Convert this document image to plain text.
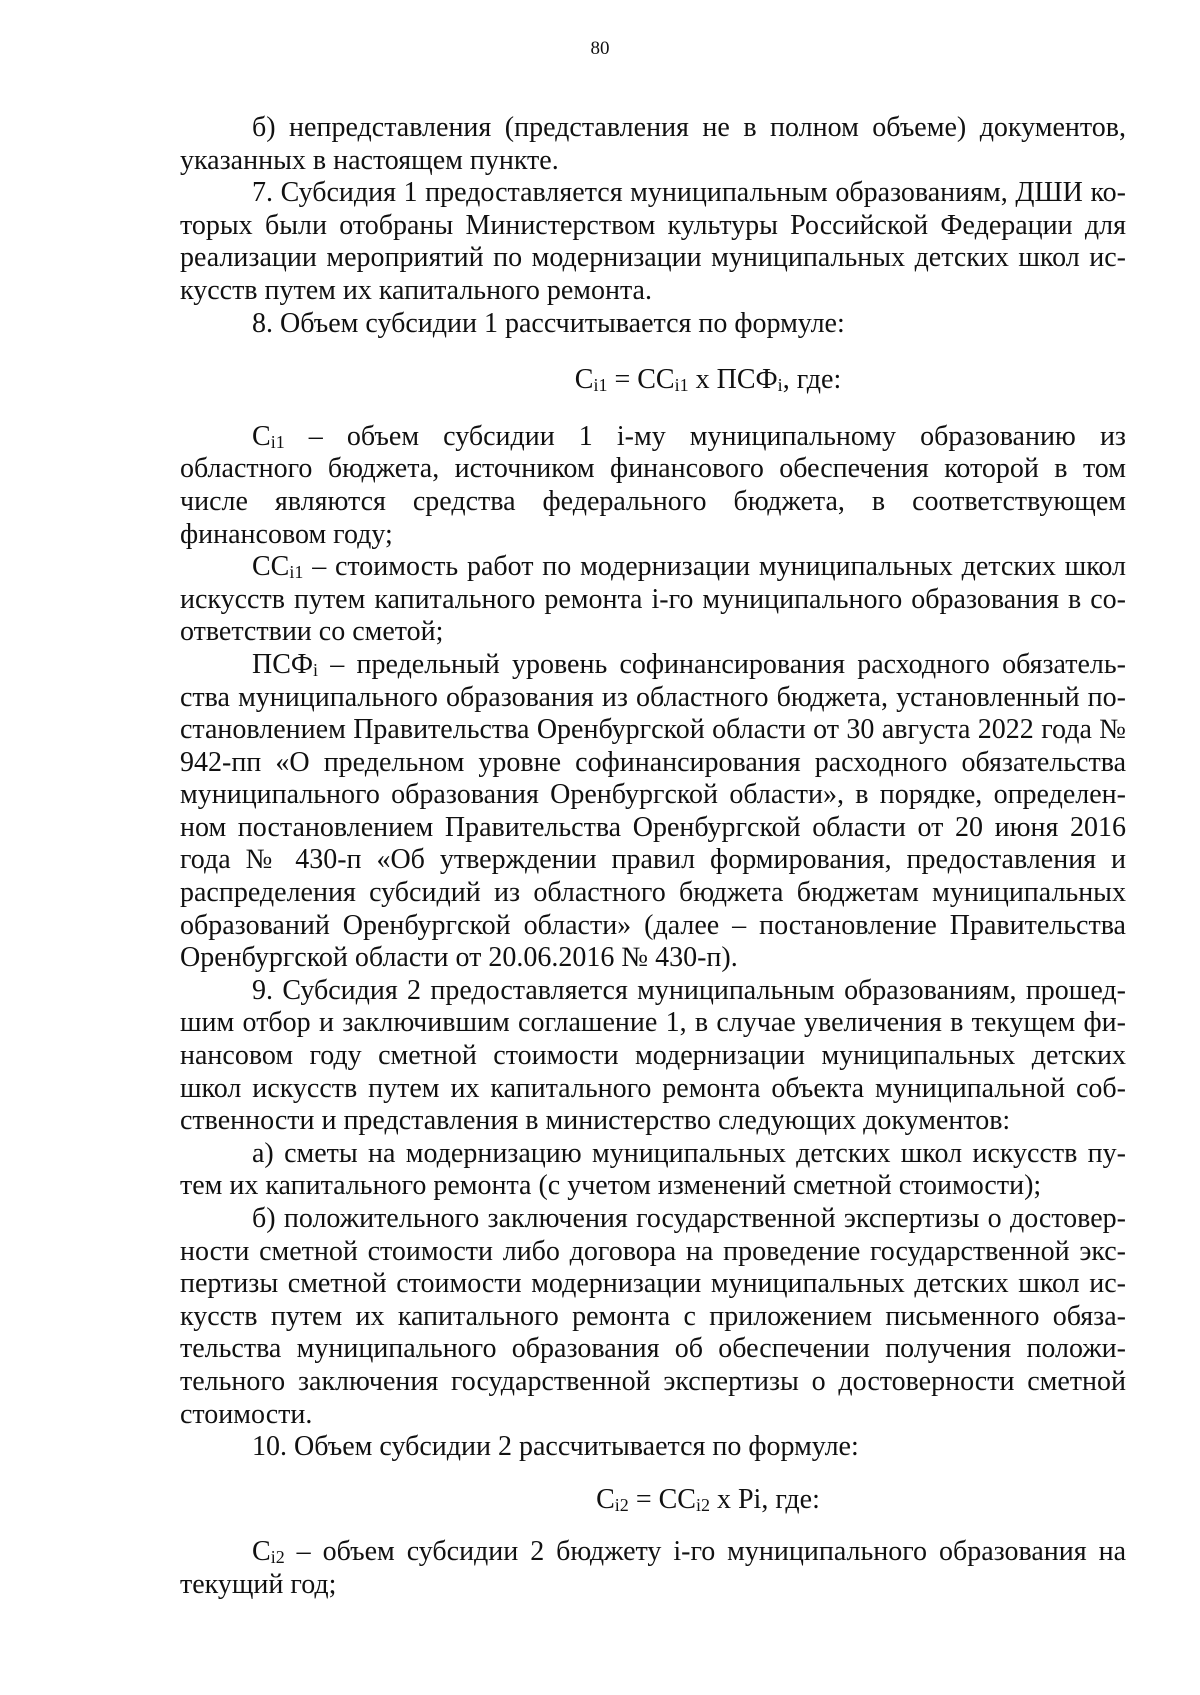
80

б) непредставления (представления не в полном объеме) документов, указанных в настоящем пункте.

7. Субсидия 1 предоставляется муниципальным образованиям, ДШИ которых были отобраны Министерством культуры Российской Федерации для реализации мероприятий по модернизации муниципальных детских школ искусств путем их капитального ремонта.

8. Объем субсидии 1 рассчитывается по формуле:

$C_{i1} = CC_{i1}$ x $ПСФ_i$, где:

$C_{i1}$ – объем субсидии 1 i-му муниципальному образованию из областного бюджета, источником финансового обеспечения которой в том числе являются средства федерального бюджета, в соответствующем финансовом году;

$CC_{i1}$ – стоимость работ по модернизации муниципальных детских школ искусств путем капитального ремонта i-го муниципального образования в соответствии со сметой;

$ПСФ_i$ – предельный уровень софинансирования расходного обязательства муниципального образования из областного бюджета, установленный постановлением Правительства Оренбургской области от 30 августа 2022 года № 942-пп «О предельном уровне софинансирования расходного обязательства муниципального образования Оренбургской области», в порядке, определенном постановлением Правительства Оренбургской области от 20 июня 2016 года № 430-п «Об утверждении правил формирования, предоставления и распределения субсидий из областного бюджета бюджетам муниципальных образований Оренбургской области» (далее – постановление Правительства Оренбургской области от 20.06.2016 № 430-п).

9. Субсидия 2 предоставляется муниципальным образованиям, прошедшим отбор и заключившим соглашение 1, в случае увеличения в текущем финансовом году сметной стоимости модернизации муниципальных детских школ искусств путем их капитального ремонта объекта муниципальной собственности и представления в министерство следующих документов:

а) сметы на модернизацию муниципальных детских школ искусств путем их капитального ремонта (с учетом изменений сметной стоимости);

б) положительного заключения государственной экспертизы о достоверности сметной стоимости либо договора на проведение государственной экспертизы сметной стоимости модернизации муниципальных детских школ искусств путем их капитального ремонта с приложением письменного обязательства муниципального образования об обеспечении получения положительного заключения государственной экспертизы о достоверности сметной стоимости.

10. Объем субсидии 2 рассчитывается по формуле:

$C_{i2} = CC_{i2}$ x Pi, где:

$C_{i2}$ – объем субсидии 2 бюджету i-го муниципального образования на текущий год;
